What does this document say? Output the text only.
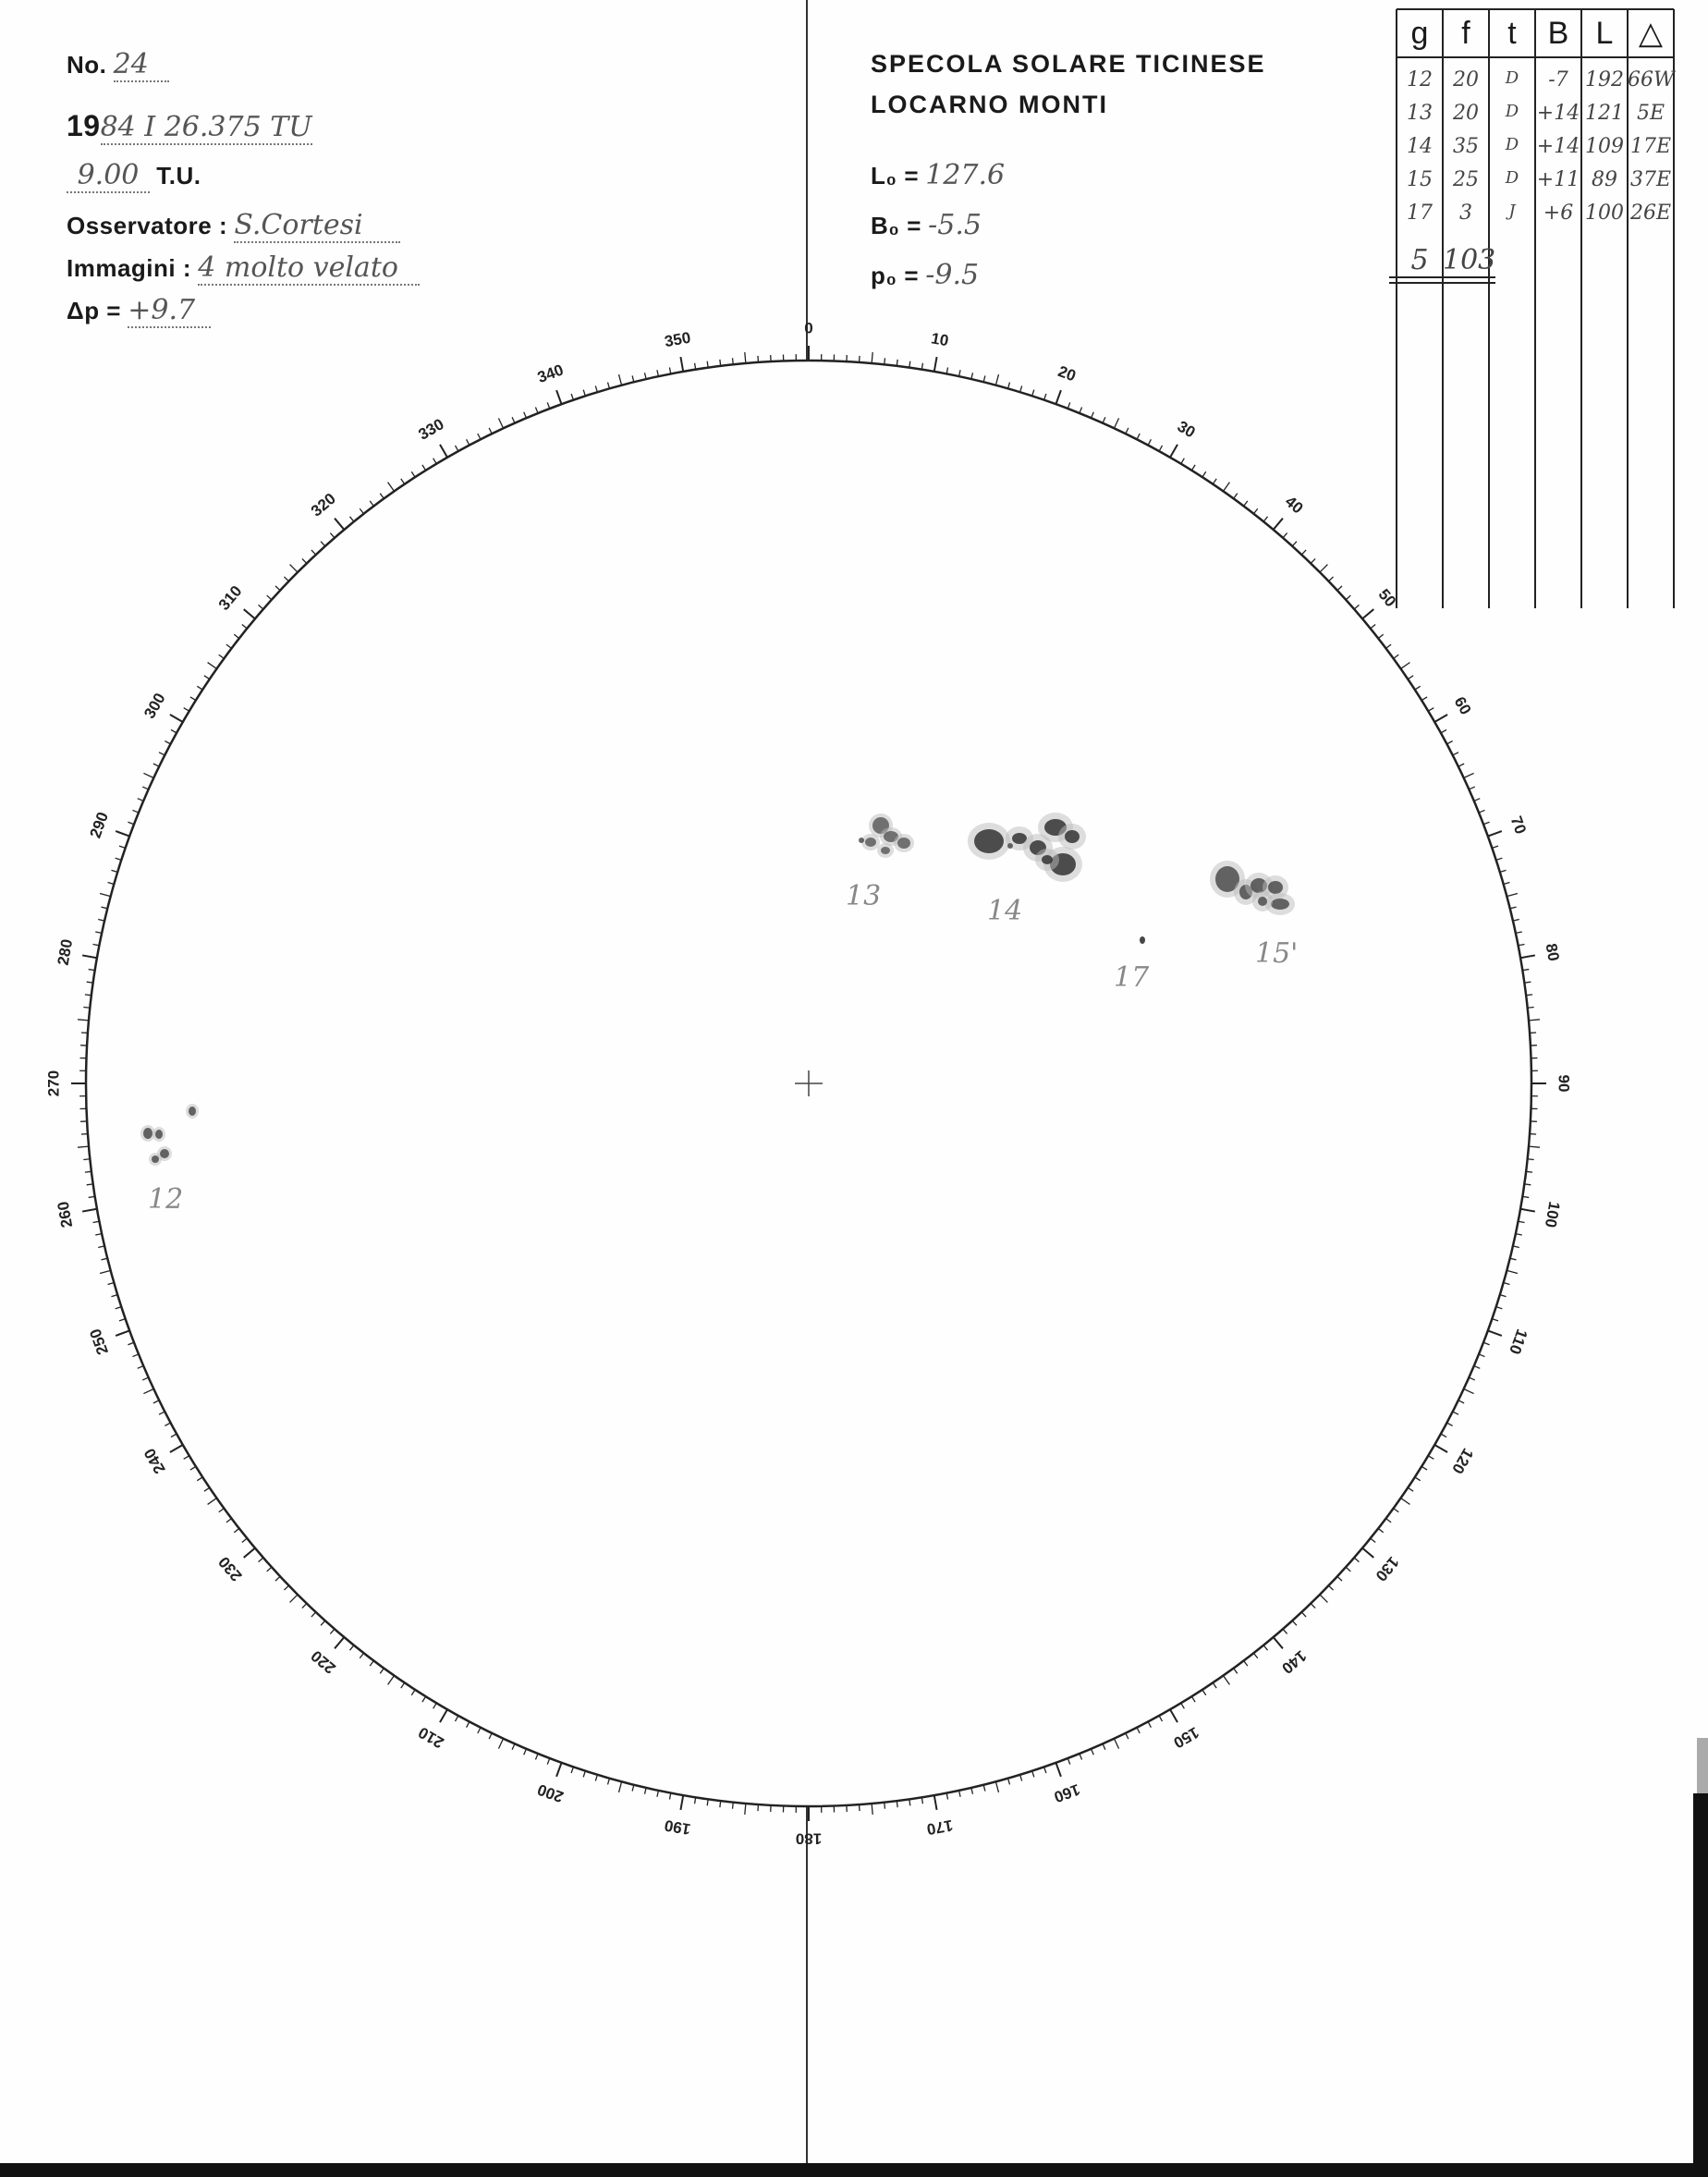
No. 24
1984 I 26.375 TU
9.00 T.U.
Osservatore : S.Cortesi
Immagini : 4 molto velato
Δp = +9.7
SPECOLA SOLARE TICINESE
LOCARNO MONTI
L₀ = 127.6
B₀ = -5.5
p₀ = -9.5
0
10
20
30
40
50
60
70
80
90
100
110
120
130
140
150
160
170
180
190
200
210
220
230
240
250
260
270
280
290
300
310
320
330
340
350
g	f	t B L △
12	20	D	-7 192 66W
13	20	D +14 121 5E
14	35	D +14 109 17E
15	25	D +11 89 37E
17	3	J	+6 100 26E
5 103
13	14
17
15'
12
